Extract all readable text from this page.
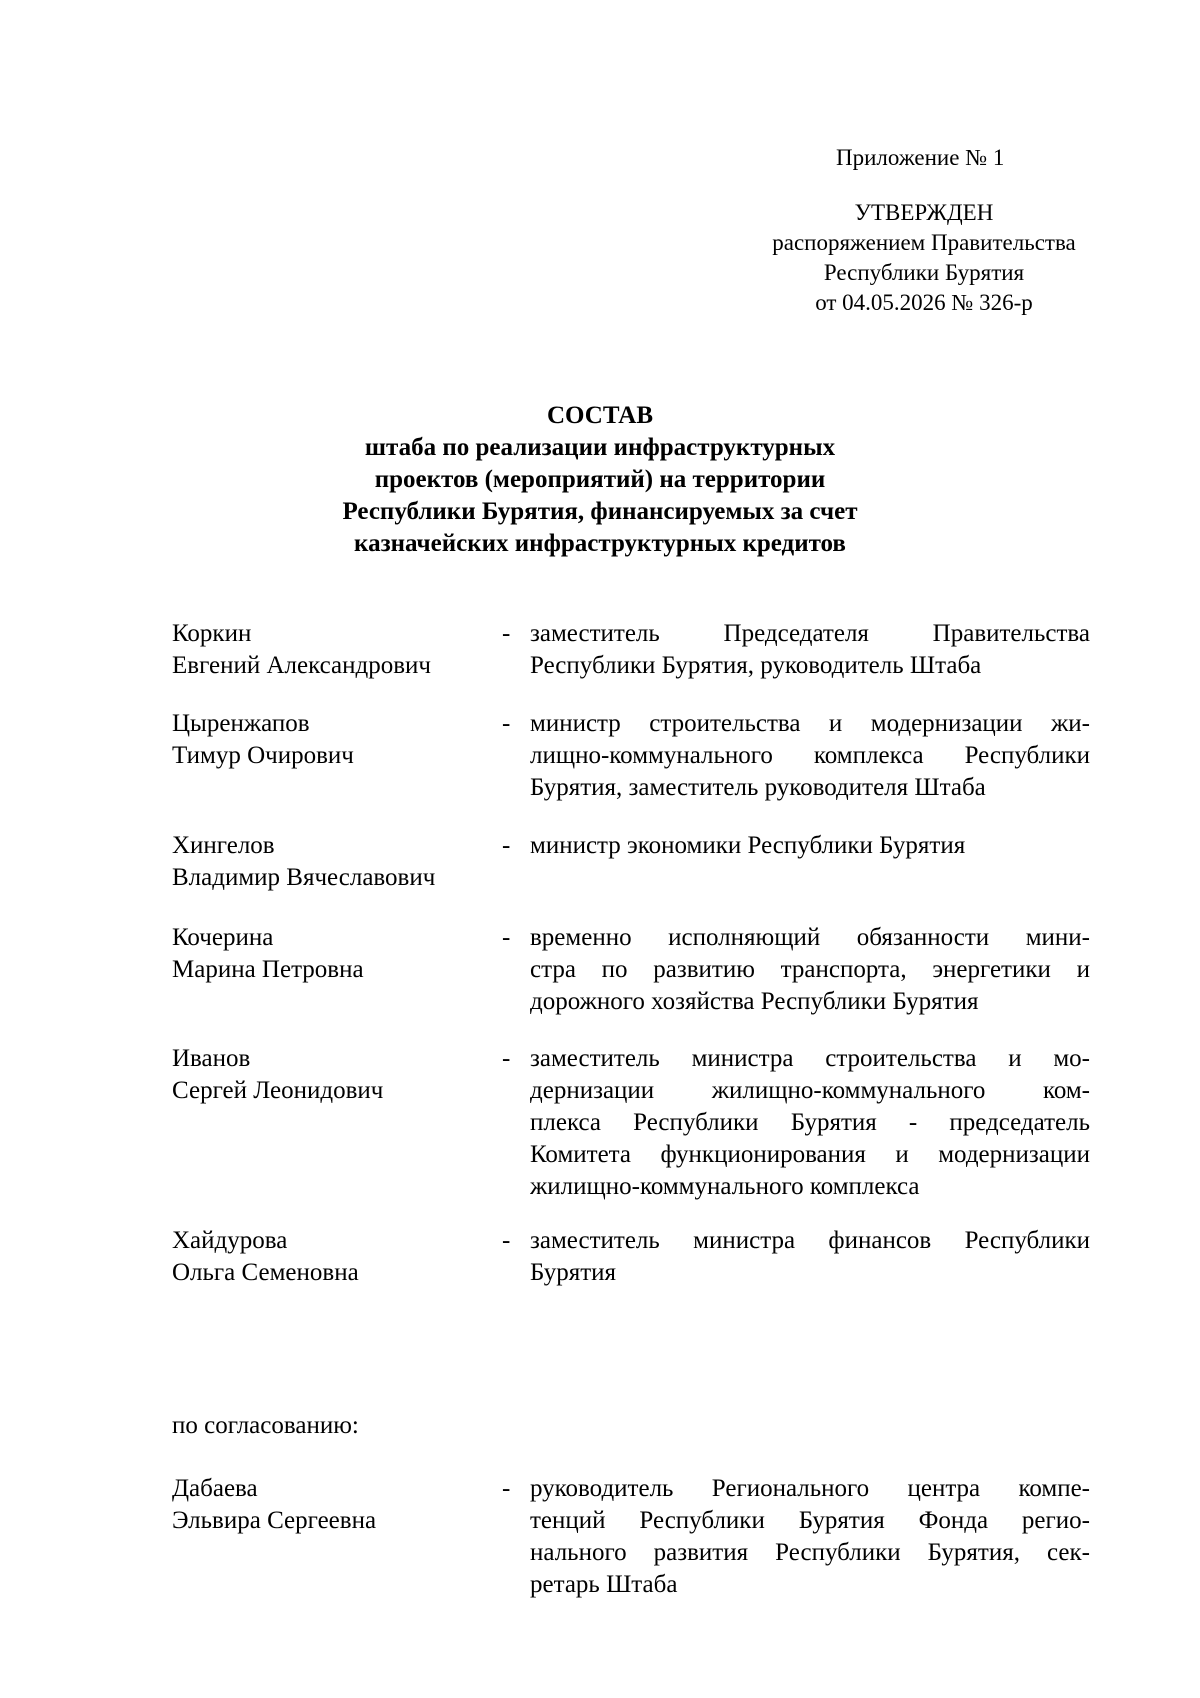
Приложение № 1
УТВЕРЖДЕН
распоряжением Правительства
Республики Бурятия
от 04.05.2026 № 326-р
СОСТАВ
штаба по реализации инфраструктурных
проектов (мероприятий) на территории
Республики Бурятия, финансируемых за счет
казначейских инфраструктурных кредитов
Коркин
Евгений Александрович
- заместитель Председателя Правительства
Республики Бурятия, руководитель Штаба
Цыренжапов
Тимур Очирович
- министр строительства и модернизации жи-
лищно-коммунального комплекса Республики
Бурятия, заместитель руководителя Штаба
Хингелов
Владимир Вячеславович
- министр экономики Республики Бурятия
Кочерина
Марина Петровна
- временно исполняющий обязанности мини-
стра по развитию транспорта, энергетики и
дорожного хозяйства Республики Бурятия
Иванов
Сергей Леонидович
- заместитель министра строительства и мо-
дернизации жилищно-коммунального ком-
плекса Республики Бурятия - председатель
Комитета функционирования и модернизации
жилищно-коммунального комплекса
Хайдурова
Ольга Семеновна
- заместитель министра финансов Республики
Бурятия
по согласованию:
Дабаева
Эльвира Сергеевна
- руководитель Регионального центра компе-
тенций Республики Бурятия Фонда регио-
нального развития Республики Бурятия, сек-
ретарь Штаба
